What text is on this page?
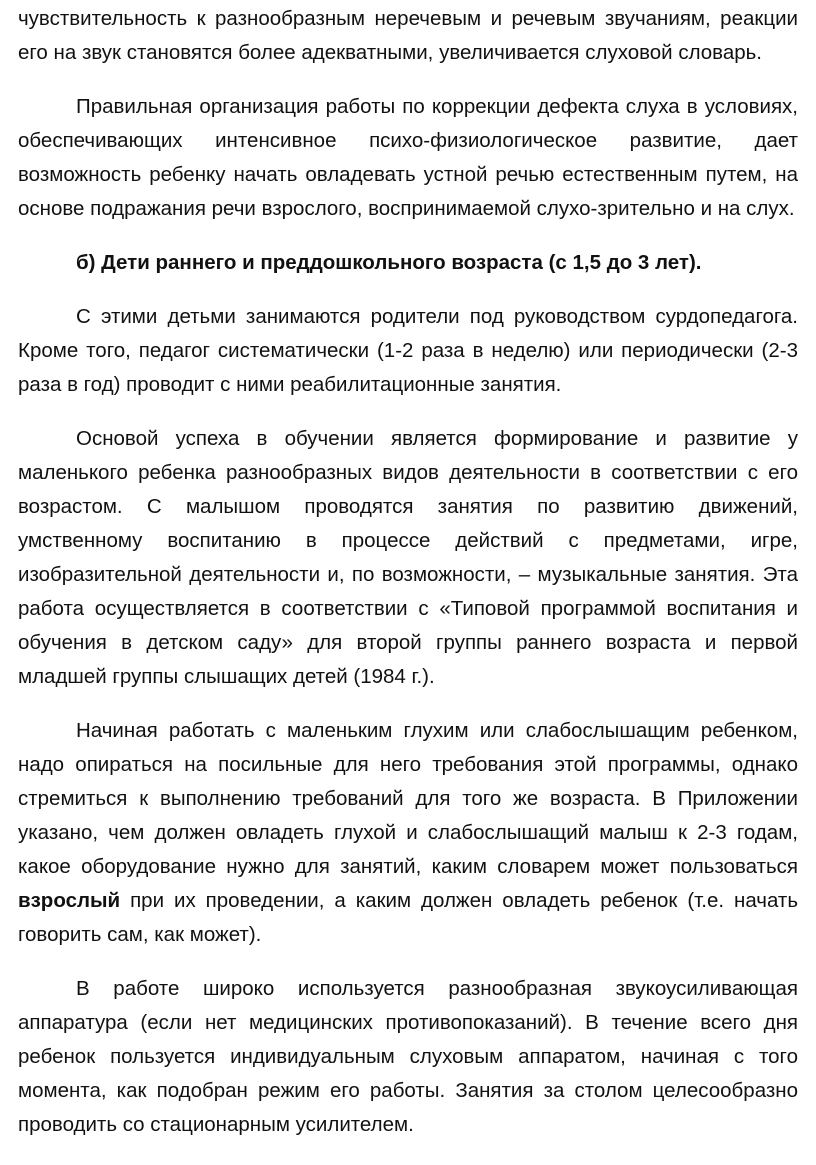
чувствительность к разнообразным неречевым и речевым звучаниям, реакции его на звук становятся более адекватными, увеличивается слуховой словарь.

Правильная организация работы по коррекции дефекта слуха в условиях, обеспечивающих интенсивное психо-физиологическое развитие, дает возможность ребенку начать овладевать устной речью естественным путем, на основе подражания речи взрослого, воспринимаемой слухо-зрительно и на слух.

б) Дети раннего и преддошкольного возраста (с 1,5 до 3 лет).

С этими детьми занимаются родители под руководством сурдопедагога. Кроме того, педагог систематически (1-2 раза в неделю) или периодически (2-3 раза в год) проводит с ними реабилитационные занятия.

Основой успеха в обучении является формирование и развитие у маленького ребенка разнообразных видов деятельности в соответствии с его возрастом. С малышом проводятся занятия по развитию движений, умственному воспитанию в процессе действий с предметами, игре, изобразительной деятельности и, по возможности, – музыкальные занятия. Эта работа осуществляется в соответствии с «Типовой программой воспитания и обучения в детском саду» для второй группы раннего возраста и первой младшей группы слышащих детей (1984 г.).

Начиная работать с маленьким глухим или слабослышащим ребенком, надо опираться на посильные для него требования этой программы, однако стремиться к выполнению требований для того же возраста. В Приложении указано, чем должен овладеть глухой и слабослышащий малыш к 2-3 годам, какое оборудование нужно для занятий, каким словарем может пользоваться взрослый при их проведении, а каким должен овладеть ребенок (т.е. начать говорить сам, как может).

В работе широко используется разнообразная звукоусиливающая аппаратура (если нет медицинских противопоказаний). В течение всего дня ребенок пользуется индивидуальным слуховым аппаратом, начиная с того момента, как подобран режим его работы. Занятия за столом целесообразно проводить со стационарным усилителем.
